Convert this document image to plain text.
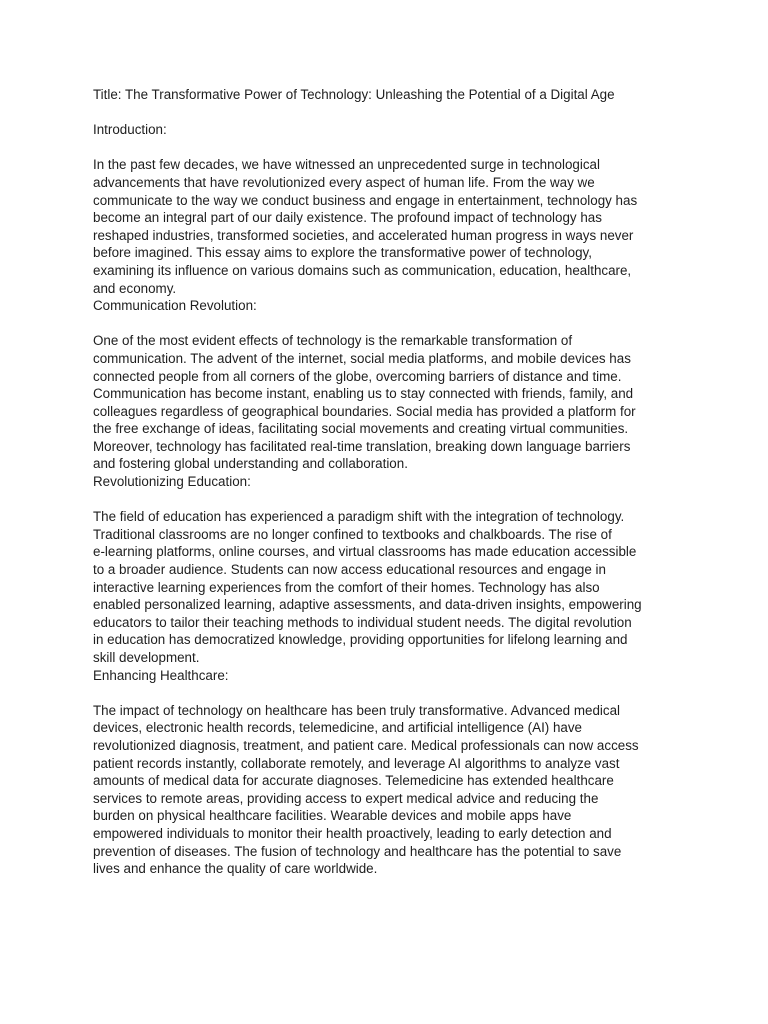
Title: The Transformative Power of Technology: Unleashing the Potential of a Digital Age

Introduction:

In the past few decades, we have witnessed an unprecedented surge in technological
advancements that have revolutionized every aspect of human life. From the way we
communicate to the way we conduct business and engage in entertainment, technology has
become an integral part of our daily existence. The profound impact of technology has
reshaped industries, transformed societies, and accelerated human progress in ways never
before imagined. This essay aims to explore the transformative power of technology,
examining its influence on various domains such as communication, education, healthcare,
and economy.

Communication Revolution:

One of the most evident effects of technology is the remarkable transformation of
communication. The advent of the internet, social media platforms, and mobile devices has
connected people from all corners of the globe, overcoming barriers of distance and time.
Communication has become instant, enabling us to stay connected with friends, family, and
colleagues regardless of geographical boundaries. Social media has provided a platform for
the free exchange of ideas, facilitating social movements and creating virtual communities.
Moreover, technology has facilitated real-time translation, breaking down language barriers
and fostering global understanding and collaboration.

Revolutionizing Education:

The field of education has experienced a paradigm shift with the integration of technology.
Traditional classrooms are no longer confined to textbooks and chalkboards. The rise of
e-learning platforms, online courses, and virtual classrooms has made education accessible
to a broader audience. Students can now access educational resources and engage in
interactive learning experiences from the comfort of their homes. Technology has also
enabled personalized learning, adaptive assessments, and data-driven insights, empowering
educators to tailor their teaching methods to individual student needs. The digital revolution
in education has democratized knowledge, providing opportunities for lifelong learning and
skill development.

Enhancing Healthcare:

The impact of technology on healthcare has been truly transformative. Advanced medical
devices, electronic health records, telemedicine, and artificial intelligence (AI) have
revolutionized diagnosis, treatment, and patient care. Medical professionals can now access
patient records instantly, collaborate remotely, and leverage AI algorithms to analyze vast
amounts of medical data for accurate diagnoses. Telemedicine has extended healthcare
services to remote areas, providing access to expert medical advice and reducing the
burden on physical healthcare facilities. Wearable devices and mobile apps have
empowered individuals to monitor their health proactively, leading to early detection and
prevention of diseases. The fusion of technology and healthcare has the potential to save
lives and enhance the quality of care worldwide.
